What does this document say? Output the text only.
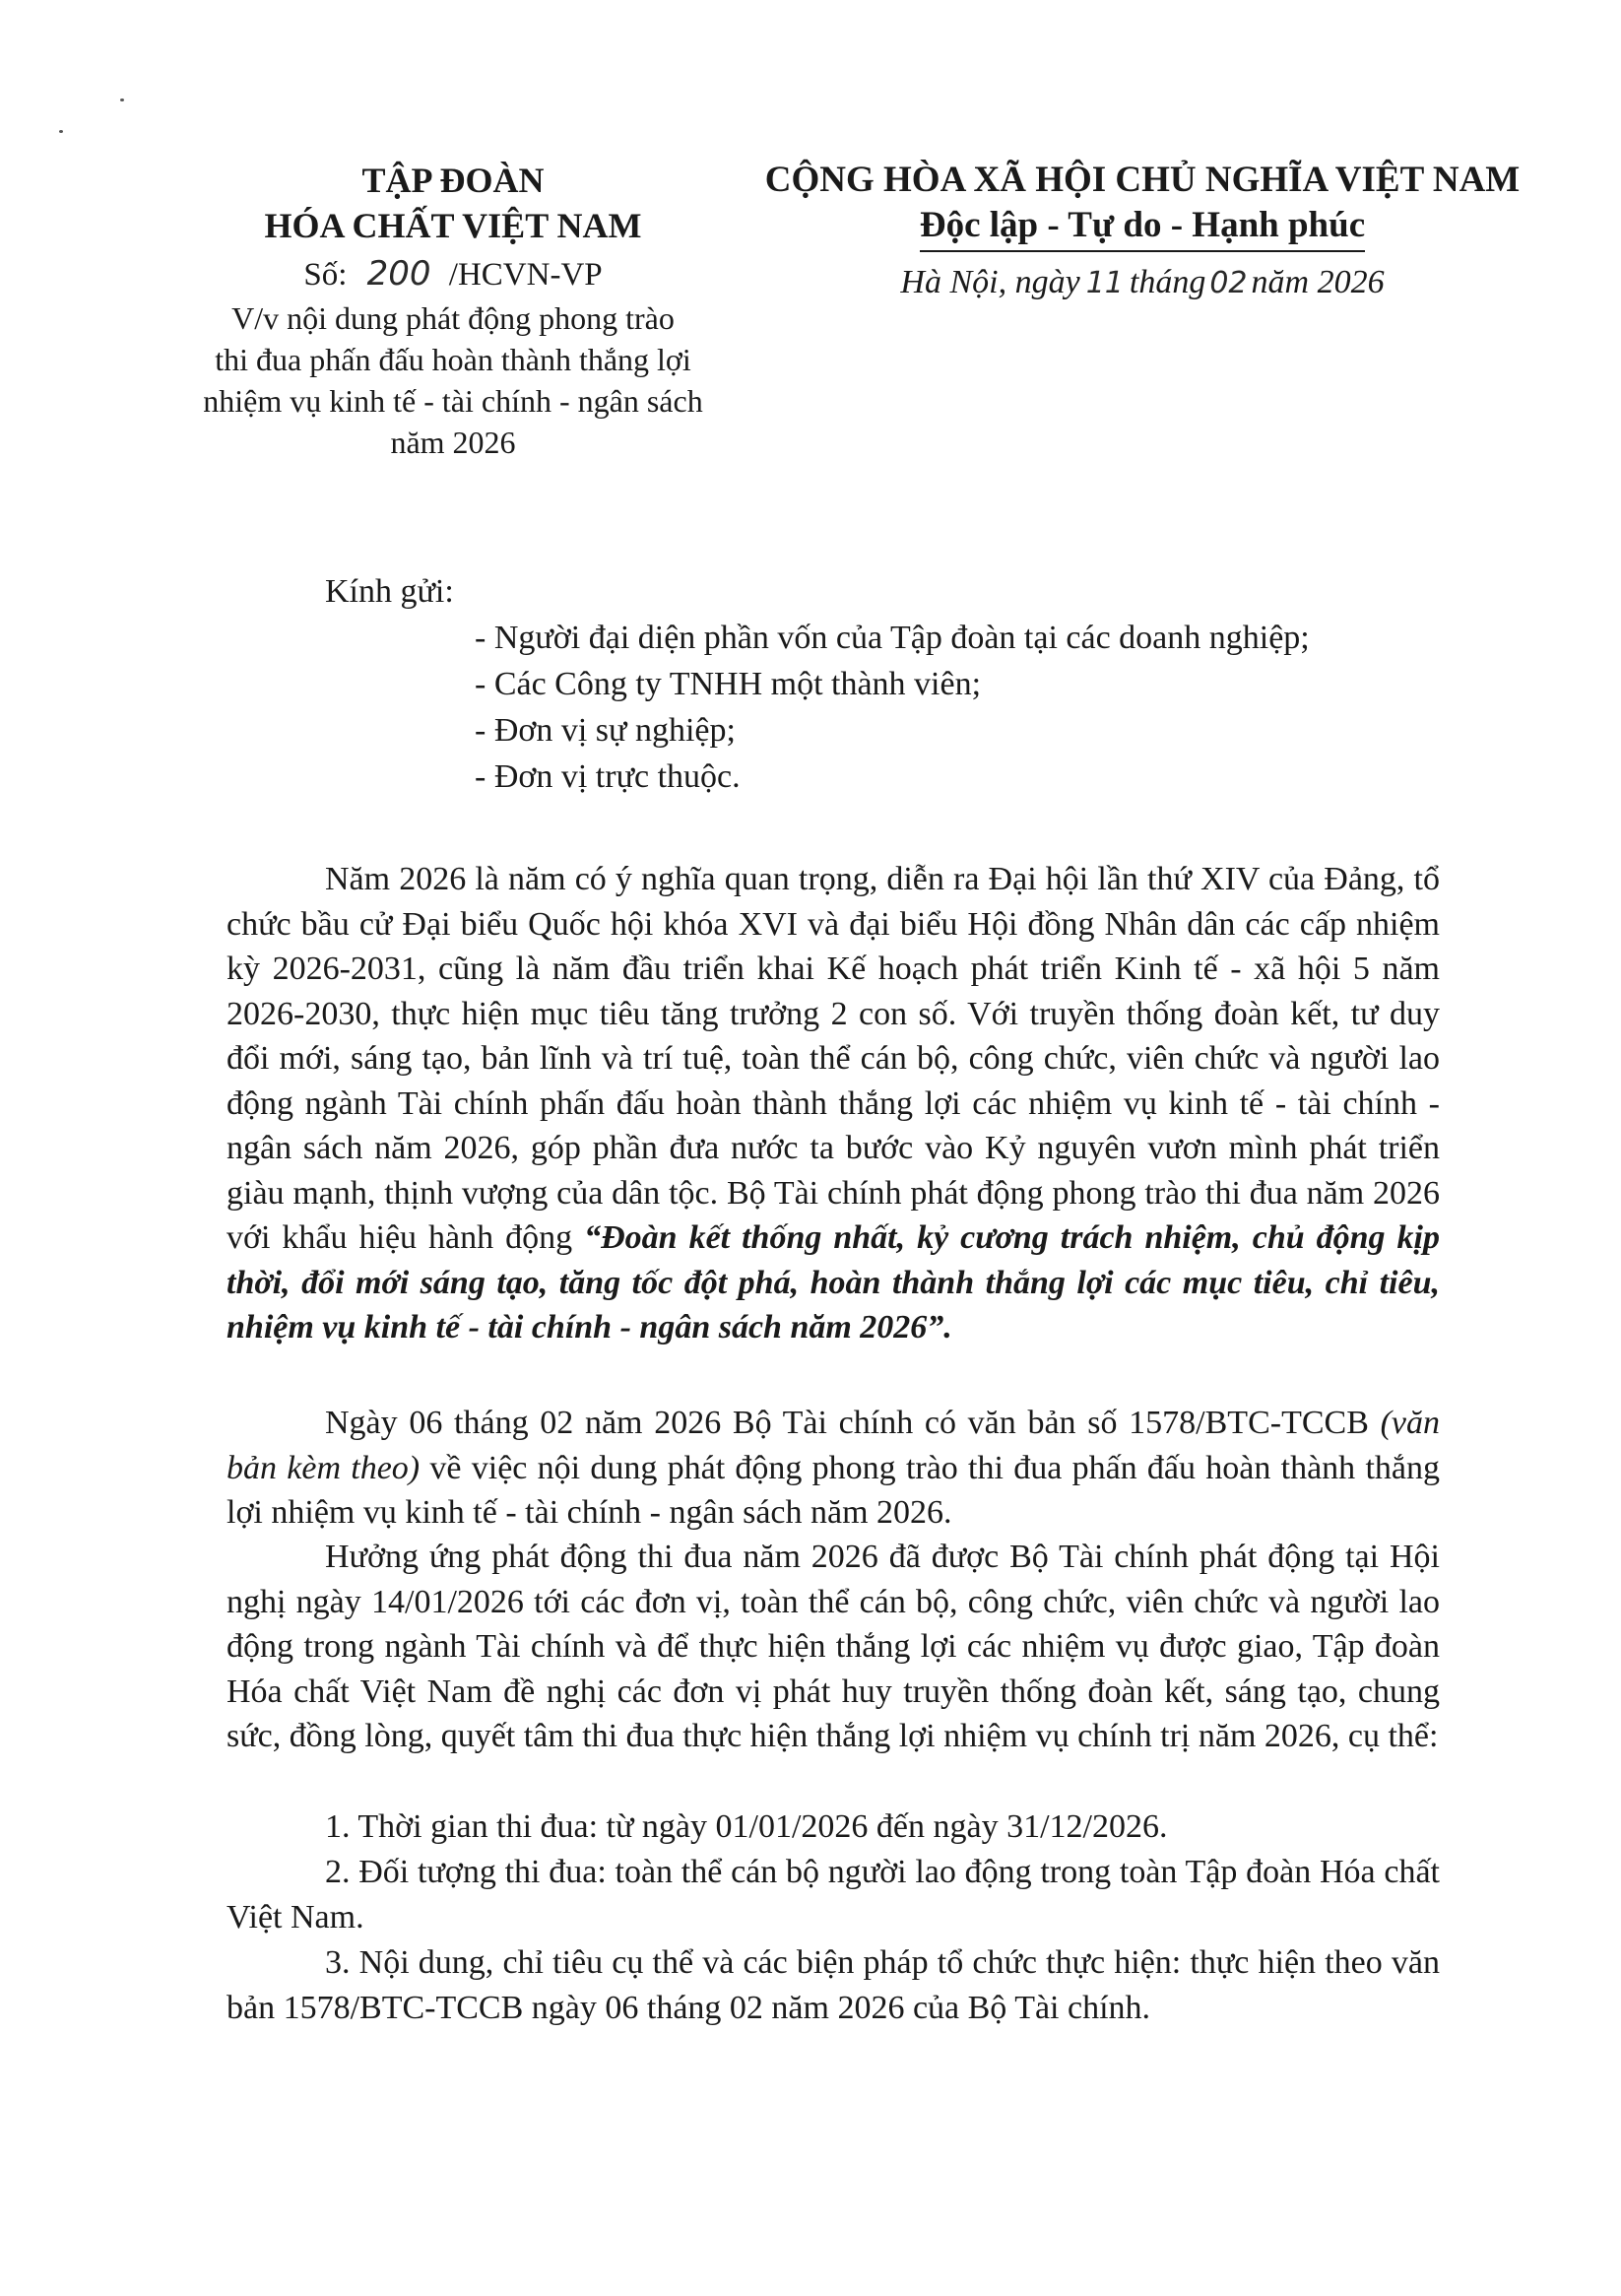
TẬP ĐOÀN
HÓA CHẤT VIỆT NAM
Số: 200 /HCVN-VP
V/v nội dung phát động phong trào
thi đua phấn đấu hoàn thành thắng lợi
nhiệm vụ kinh tế - tài chính - ngân sách
năm 2026
CỘNG HÒA XÃ HỘI CHỦ NGHĨA VIỆT NAM
Độc lập - Tự do - Hạnh phúc
Hà Nội, ngày 11 tháng 02 năm 2026
Kính gửi:
- Người đại diện phần vốn của Tập đoàn tại các doanh nghiệp;
- Các Công ty TNHH một thành viên;
- Đơn vị sự nghiệp;
- Đơn vị trực thuộc.
Năm 2026 là năm có ý nghĩa quan trọng, diễn ra Đại hội lần thứ XIV của Đảng, tổ chức bầu cử Đại biểu Quốc hội khóa XVI và đại biểu Hội đồng Nhân dân các cấp nhiệm kỳ 2026-2031, cũng là năm đầu triển khai Kế hoạch phát triển Kinh tế - xã hội 5 năm 2026-2030, thực hiện mục tiêu tăng trưởng 2 con số. Với truyền thống đoàn kết, tư duy đổi mới, sáng tạo, bản lĩnh và trí tuệ, toàn thể cán bộ, công chức, viên chức và người lao động ngành Tài chính phấn đấu hoàn thành thắng lợi các nhiệm vụ kinh tế - tài chính - ngân sách năm 2026, góp phần đưa nước ta bước vào Kỷ nguyên vươn mình phát triển giàu mạnh, thịnh vượng của dân tộc. Bộ Tài chính phát động phong trào thi đua năm 2026 với khẩu hiệu hành động “Đoàn kết thống nhất, kỷ cương trách nhiệm, chủ động kịp thời, đổi mới sáng tạo, tăng tốc đột phá, hoàn thành thắng lợi các mục tiêu, chỉ tiêu, nhiệm vụ kinh tế - tài chính - ngân sách năm 2026”.
Ngày 06 tháng 02 năm 2026 Bộ Tài chính có văn bản số 1578/BTC-TCCB (văn bản kèm theo) về việc nội dung phát động phong trào thi đua phấn đấu hoàn thành thắng lợi nhiệm vụ kinh tế - tài chính - ngân sách năm 2026.
Hưởng ứng phát động thi đua năm 2026 đã được Bộ Tài chính phát động tại Hội nghị ngày 14/01/2026 tới các đơn vị, toàn thể cán bộ, công chức, viên chức và người lao động trong ngành Tài chính và để thực hiện thắng lợi các nhiệm vụ được giao, Tập đoàn Hóa chất Việt Nam đề nghị các đơn vị phát huy truyền thống đoàn kết, sáng tạo, chung sức, đồng lòng, quyết tâm thi đua thực hiện thắng lợi nhiệm vụ chính trị năm 2026, cụ thể:
1. Thời gian thi đua: từ ngày 01/01/2026 đến ngày 31/12/2026.
2. Đối tượng thi đua: toàn thể cán bộ người lao động trong toàn Tập đoàn Hóa chất Việt Nam.
3. Nội dung, chỉ tiêu cụ thể và các biện pháp tổ chức thực hiện: thực hiện theo văn bản 1578/BTC-TCCB ngày 06 tháng 02 năm 2026 của Bộ Tài chính.
